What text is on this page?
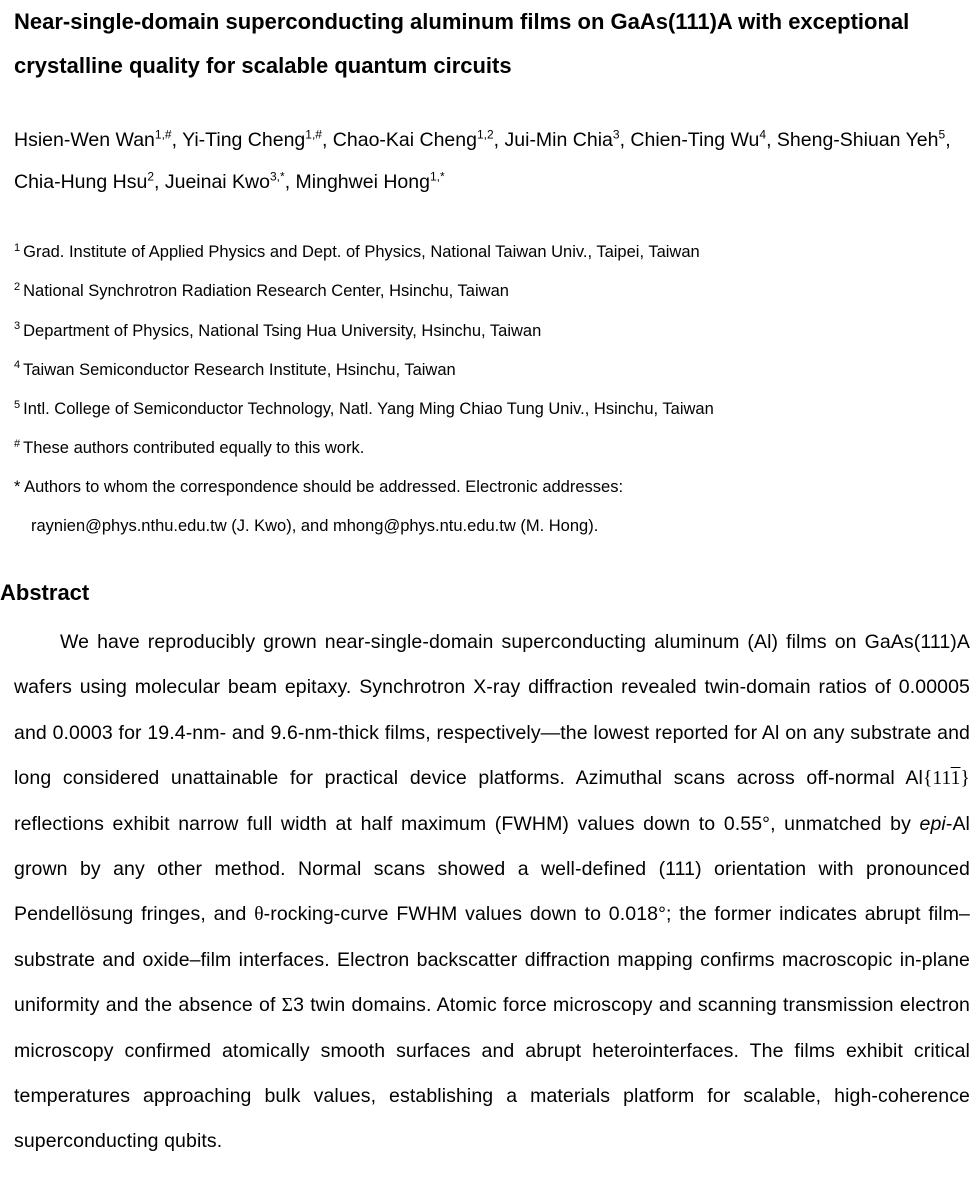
Near-single-domain superconducting aluminum films on GaAs(111)A with exceptional crystalline quality for scalable quantum circuits

Hsien-Wen Wan$^{1,\#}$, Yi-Ting Cheng$^{1,\#}$, Chao-Kai Cheng$^{1,2}$, Jui-Min Chia$^3$, Chien-Ting Wu$^4$, Sheng-Shiuan Yeh$^5$, Chia-Hung Hsu$^2$, Jueinai Kwo$^{3,*}$, Minghwei Hong$^{1,*}$

$^1$ Grad. Institute of Applied Physics and Dept. of Physics, National Taiwan Univ., Taipei, Taiwan
$^2$ National Synchrotron Radiation Research Center, Hsinchu, Taiwan
$^3$ Department of Physics, National Tsing Hua University, Hsinchu, Taiwan
$^4$ Taiwan Semiconductor Research Institute, Hsinchu, Taiwan
$^5$ Intl. College of Semiconductor Technology, Natl. Yang Ming Chiao Tung Univ., Hsinchu, Taiwan
# These authors contributed equally to this work.
* Authors to whom the correspondence should be addressed. Electronic addresses:
raynien@phys.nthu.edu.tw (J. Kwo), and mhong@phys.ntu.edu.tw (M. Hong).
Abstract

We have reproducibly grown near-single-domain superconducting aluminum (Al) films on GaAs(111)A wafers using molecular beam epitaxy. Synchrotron X-ray diffraction revealed twin-domain ratios of 0.00005 and 0.0003 for 19.4-nm- and 9.6-nm-thick films, respectively—the lowest reported for Al on any substrate and long considered unattainable for practical device platforms. Azimuthal scans across off-normal Al{111} reflections exhibit narrow full width at half maximum (FWHM) values down to 0.55°, unmatched by epi-Al grown by any other method. Normal scans showed a well-defined (111) orientation with pronounced Pendellösung fringes, and θ-rocking-curve FWHM values down to 0.018°; the former indicates abrupt film–substrate and oxide–film interfaces. Electron backscatter diffraction mapping confirms macroscopic in-plane uniformity and the absence of Σ3 twin domains. Atomic force microscopy and scanning transmission electron microscopy confirmed atomically smooth surfaces and abrupt heterointerfaces. The films exhibit critical temperatures approaching bulk values, establishing a materials platform for scalable, high-coherence superconducting qubits.
